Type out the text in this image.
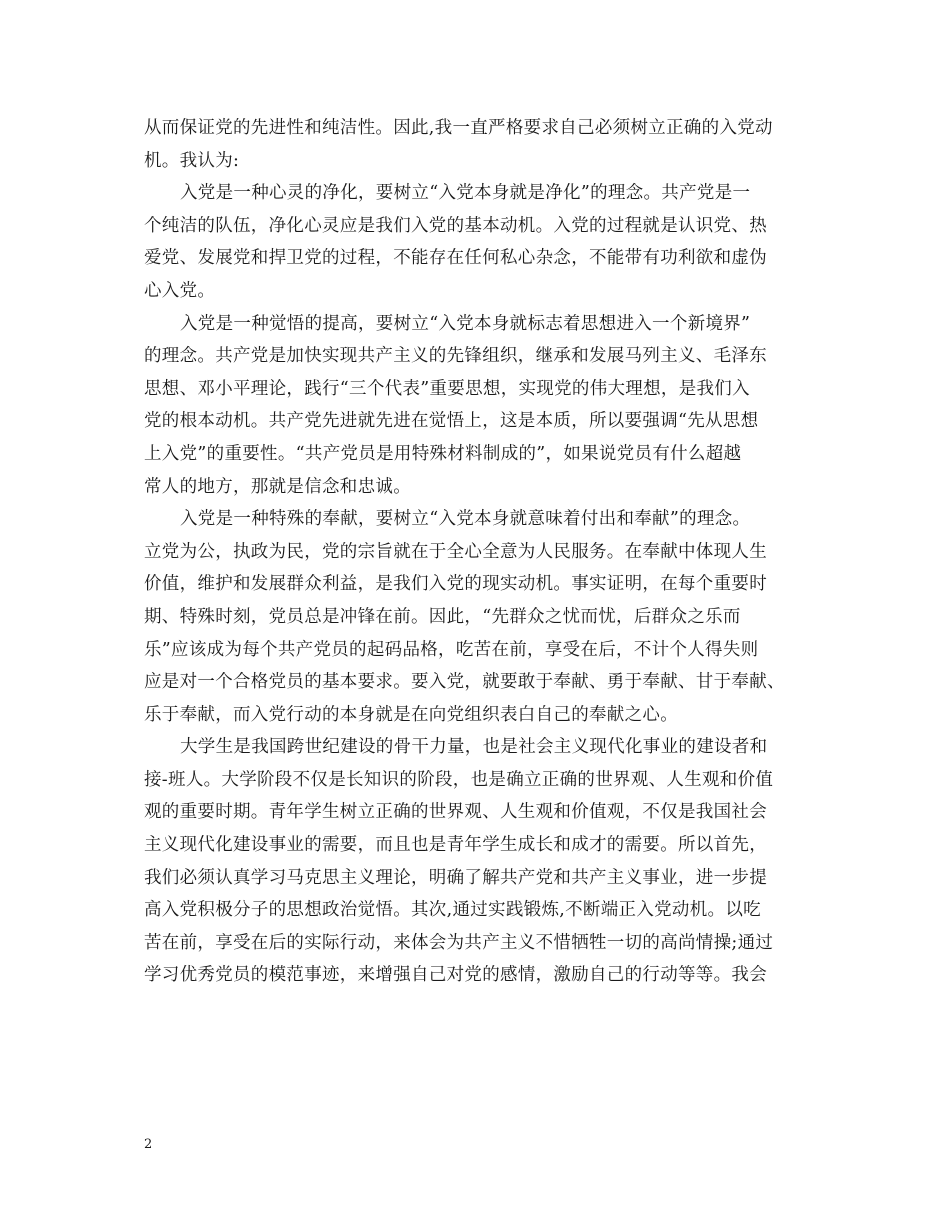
从而保证党的先进性和纯洁性。因此,我一直严格要求自己必须树立正确的入党动
机。我认为:
入党是一种心灵的净化，要树立“入党本身就是净化”的理念。共产党是一
个纯洁的队伍，净化心灵应是我们入党的基本动机。入党的过程就是认识党、热
爱党、发展党和捍卫党的过程，不能存在任何私心杂念，不能带有功利欲和虚伪
心入党。
入党是一种觉悟的提高，要树立“入党本身就标志着思想进入一个新境界”
的理念。共产党是加快实现共产主义的先锋组织，继承和发展马列主义、毛泽东
思想、邓小平理论，践行“三个代表”重要思想，实现党的伟大理想，是我们入
党的根本动机。共产党先进就先进在觉悟上，这是本质，所以要强调“先从思想
上入党”的重要性。“共产党员是用特殊材料制成的”，如果说党员有什么超越
常人的地方，那就是信念和忠诚。
入党是一种特殊的奉献，要树立“入党本身就意味着付出和奉献”的理念。
立党为公，执政为民，党的宗旨就在于全心全意为人民服务。在奉献中体现人生
价值，维护和发展群众利益，是我们入党的现实动机。事实证明，在每个重要时
期、特殊时刻，党员总是冲锋在前。因此，“先群众之忧而忧，后群众之乐而
乐”应该成为每个共产党员的起码品格，吃苦在前，享受在后，不计个人得失则
应是对一个合格党员的基本要求。要入党，就要敢于奉献、勇于奉献、甘于奉献、
乐于奉献，而入党行动的本身就是在向党组织表白自己的奉献之心。
大学生是我国跨世纪建设的骨干力量，也是社会主义现代化事业的建设者和
接-班人。大学阶段不仅是长知识的阶段，也是确立正确的世界观、人生观和价值
观的重要时期。青年学生树立正确的世界观、人生观和价值观，不仅是我国社会
主义现代化建设事业的需要，而且也是青年学生成长和成才的需要。所以首先，
我们必须认真学习马克思主义理论，明确了解共产党和共产主义事业，进一步提
高入党积极分子的思想政治觉悟。其次,通过实践锻炼,不断端正入党动机。以吃
苦在前，享受在后的实际行动，来体会为共产主义不惜牺牲一切的高尚情操;通过
学习优秀党员的模范事迹，来增强自己对党的感情，激励自己的行动等等。我会
2
